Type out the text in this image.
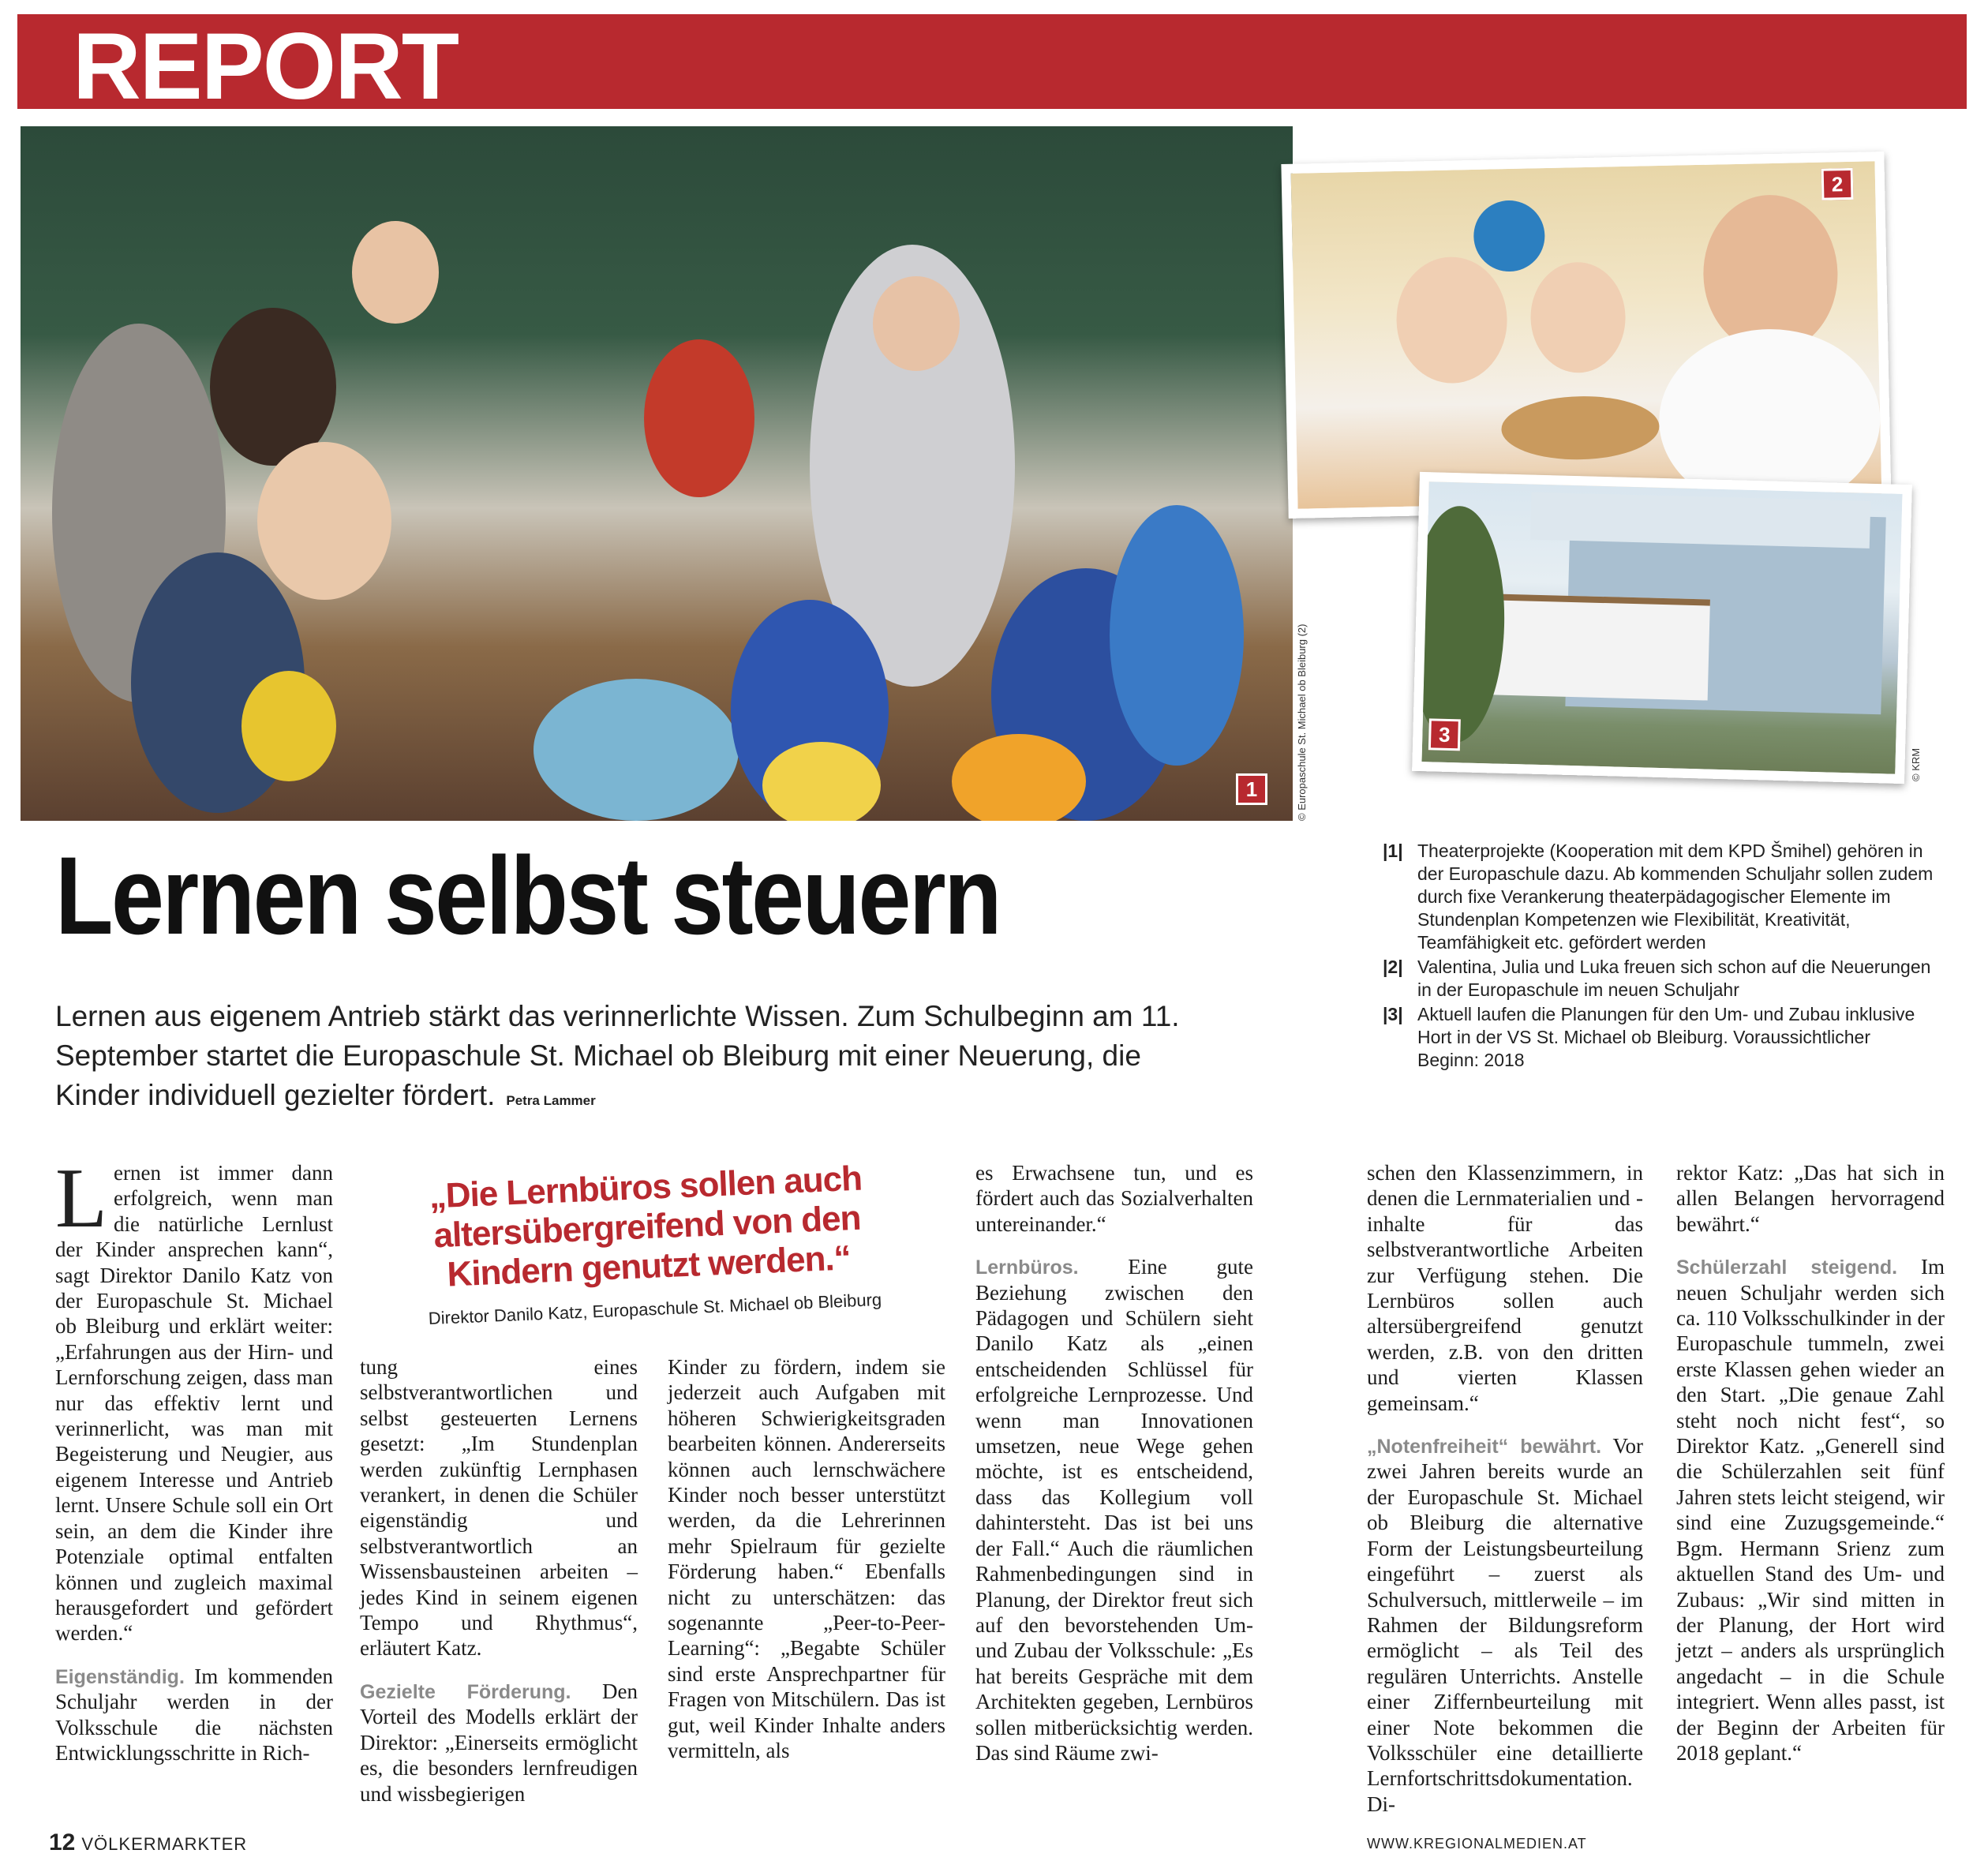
REPORT
1	© Europaschule St. Michael ob Bleiburg (2)
2
3
© KRM
Lernen selbst steuern
Lernen aus eigenem Antrieb stärkt das verinnerlichte Wissen. Zum Schulbeginn am 11. September startet die Europaschule St. Michael ob Bleiburg mit einer Neuerung, die Kinder individuell gezielter fördert. Petra Lammer
|1| Theaterprojekte (Kooperation mit dem KPD Šmihel) gehören in der Europaschule dazu. Ab kommenden Schuljahr sollen zudem durch fixe Verankerung theaterpädagogischer Elemente im Stundenplan Kompetenzen wie Flexibilität, Kreativität, Teamfähigkeit etc. gefördert werden
|2| Valentina, Julia und Luka freuen sich schon auf die Neuerungen in der Europaschule im neuen Schuljahr
|3| Aktuell laufen die Planungen für den Um- und Zubau inklusive Hort in der VS St. Michael ob Bleiburg. Voraussichtlicher Beginn: 2018

Lernen ist immer dann erfolgreich, wenn man die natürliche Lernlust der Kinder ansprechen kann“, sagt Direktor Danilo Katz von der Europaschule St. Michael ob Bleiburg und erklärt weiter: „Erfahrungen aus der Hirn- und Lernforschung zeigen, dass man nur das effektiv lernt und verinnerlicht, was man mit Begeisterung und Neugier, aus eigenem Interesse und Antrieb lernt. Unsere Schule soll ein Ort sein, an dem die Kinder ihre Potenziale optimal entfalten können und zugleich maximal herausgefordert und gefördert werden.“

Eigenständig. Im kommenden Schuljahr werden in der Volksschule die nächsten Entwicklungsschritte in Rich-

„Die Lernbüros sollen auch altersübergreifend von den Kindern genutzt werden.“
Direktor Danilo Katz, Europaschule St. Michael ob Bleiburg

tung eines selbstverantwortlichen und selbst gesteuerten Lernens gesetzt: „Im Stundenplan werden zukünftig Lernphasen verankert, in denen die Schüler eigenständig und selbstverantwortlich an Wissensbausteinen arbeiten – jedes Kind in seinem eigenen Tempo und Rhythmus“, erläutert Katz.

Gezielte Förderung. Den Vorteil des Modells erklärt der Direktor: „Einerseits ermöglicht es, die besonders lernfreudigen und wissbegierigen

Kinder zu fördern, indem sie jederzeit auch Aufgaben mit höheren Schwierigkeitsgraden bearbeiten können. Andererseits können auch lernschwächere Kinder noch besser unterstützt werden, da die Lehrerinnen mehr Spielraum für gezielte Förderung haben.“ Ebenfalls nicht zu unterschätzen: das sogenannte „Peer-to-Peer-Learning“: „Begabte Schüler sind erste Ansprechpartner für Fragen von Mitschülern. Das ist gut, weil Kinder Inhalte anders vermitteln, als

es Erwachsene tun, und es fördert auch das Sozialverhalten untereinander.“

Lernbüros. Eine gute Beziehung zwischen den Pädagogen und Schülern sieht Danilo Katz als „einen entscheidenden Schlüssel für erfolgreiche Lernprozesse. Und wenn man Innovationen umsetzen, neue Wege gehen möchte, ist es entscheidend, dass das Kollegium voll dahintersteht. Das ist bei uns der Fall.“ Auch die räumlichen Rahmenbedingungen sind in Planung, der Direktor freut sich auf den bevorstehenden Um- und Zubau der Volksschule: „Es hat bereits Gespräche mit dem Architekten gegeben, Lernbüros sollen mitberücksichtig werden. Das sind Räume zwi-

schen den Klassenzimmern, in denen die Lernmaterialien und -inhalte für das selbstverantwortliche Arbeiten zur Verfügung stehen. Die Lernbüros sollen auch altersübergreifend genutzt werden, z.B. von den dritten und vierten Klassen gemeinsam.“

„Notenfreiheit“ bewährt. Vor zwei Jahren bereits wurde an der Europaschule St. Michael ob Bleiburg die alternative Form der Leistungsbeurteilung eingeführt – zuerst als Schulversuch, mittlerweile – im Rahmen der Bildungsreform ermöglicht – als Teil des regulären Unterrichts. Anstelle einer Ziffernbeurteilung mit einer Note bekommen die Volksschüler eine detaillierte Lernfortschrittsdokumentation. Di-

rektor Katz: „Das hat sich in allen Belangen hervorragend bewährt.“

Schülerzahl steigend. Im neuen Schuljahr werden sich ca. 110 Volksschulkinder in der Europaschule tummeln, zwei erste Klassen gehen wieder an den Start. „Die genaue Zahl steht noch nicht fest“, so Direktor Katz. „Generell sind die Schülerzahlen seit fünf Jahren stets leicht steigend, wir sind eine Zuzugsgemeinde.“ Bgm. Hermann Srienz zum aktuellen Stand des Um- und Zubaus: „Wir sind mitten in der Planung, der Hort wird jetzt – anders als ursprünglich angedacht – in die Schule integriert. Wenn alles passt, ist der Beginn der Arbeiten für 2018 geplant.“

12 VÖLKERMARKTER	WWW.KREGIONALMEDIEN.AT
